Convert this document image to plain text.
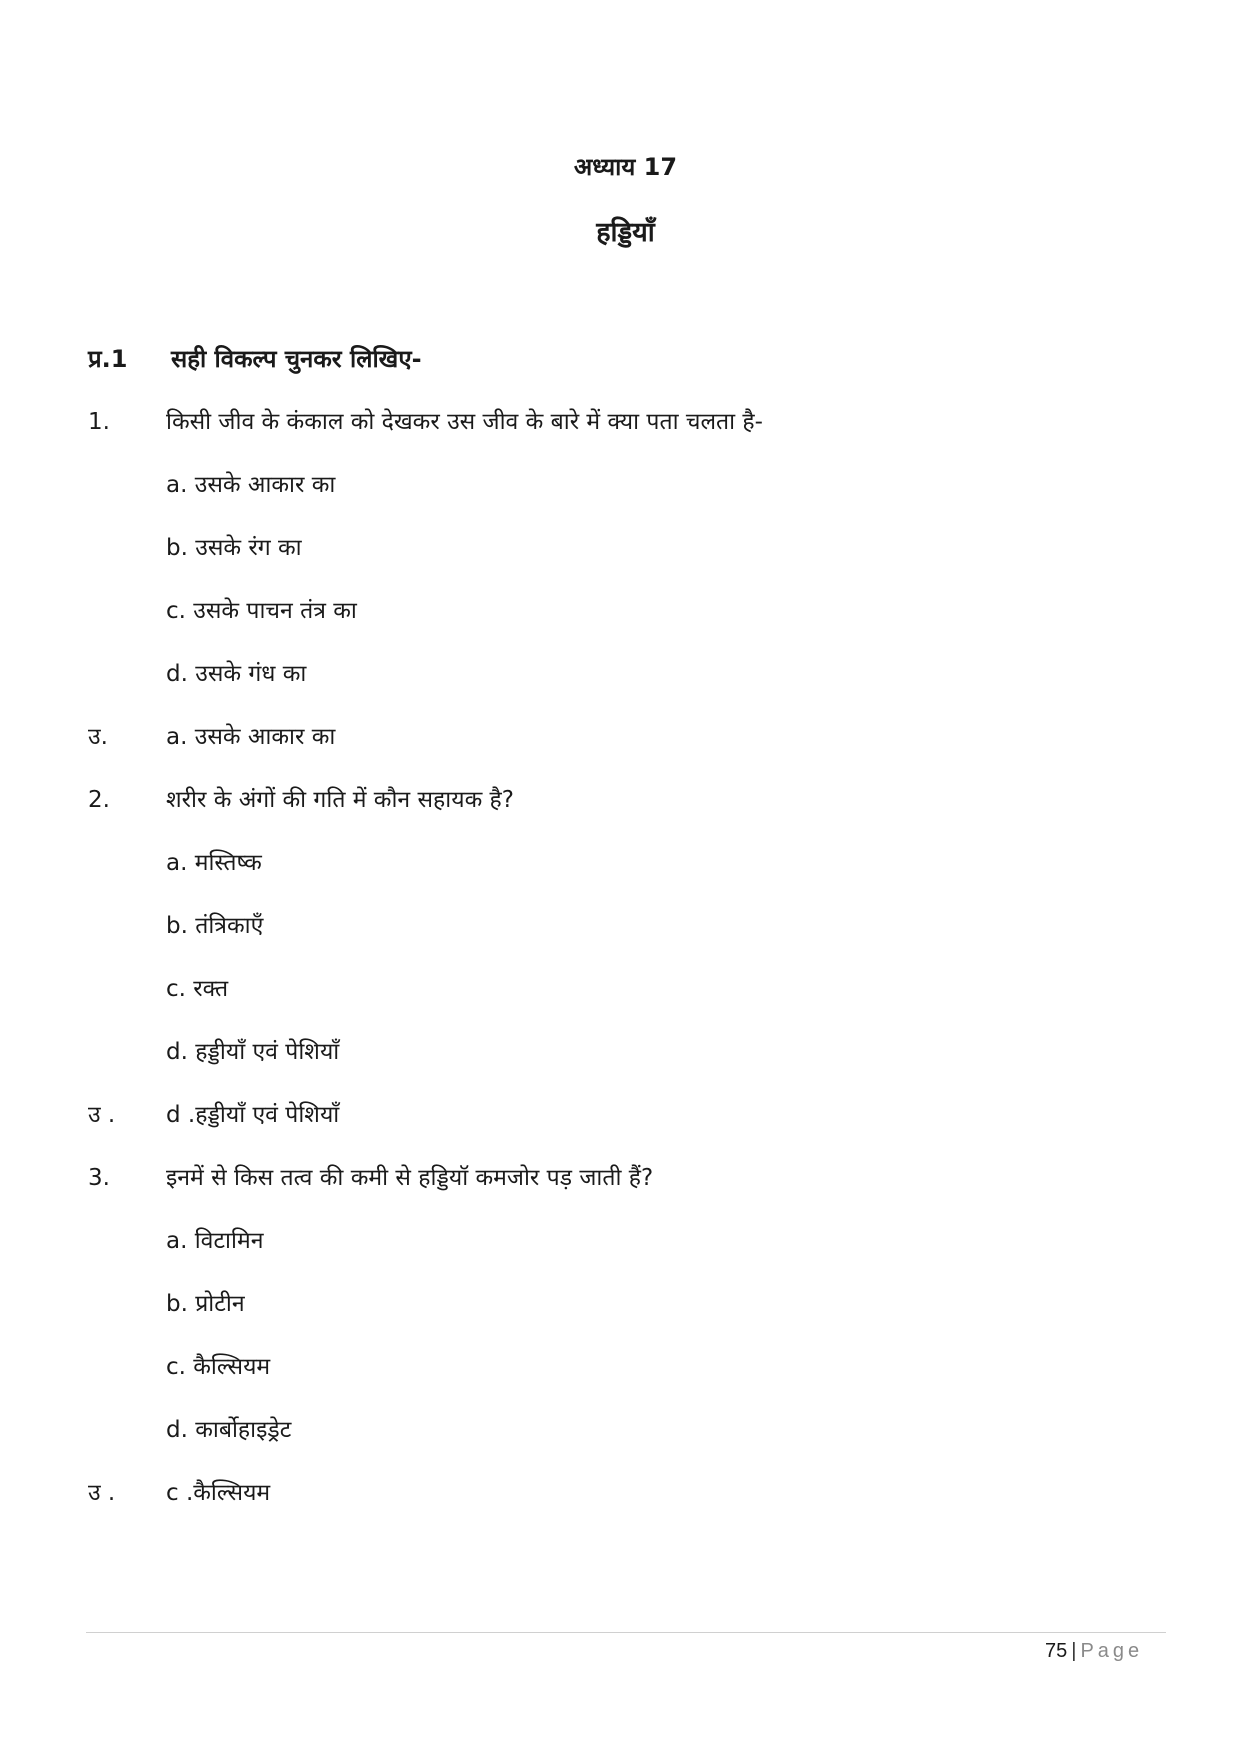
अध्याय 17
हड्डियाँ
प्र.1 सही विकल्प चुनकर लिखिए-
1. किसी जीव के कंकाल को देखकर उस जीव के बारे में क्या पता चलता है-
a. उसके आकार का
b. उसके रंग का
c. उसके पाचन तंत्र का
d. उसके गंध का
उ.	a. उसके आकार का
2. शरीर के अंगों की गति में कौन सहायक है?
a. मस्तिष्क
b. तंत्रिकाएँ
c. रक्त
d. हड्डीयाँ एवं पेशियाँ
उ . d .हड्डीयाँ एवं पेशियाँ
3. इनमें से किस तत्व की कमी से हड्डियॉ कमजोर पड़ जाती हैं?
a. विटामिन
b. प्रोटीन
c. कैल्सियम
d. कार्बोहाइड्रेट
उ . c .कैल्सियम
75 | Page
